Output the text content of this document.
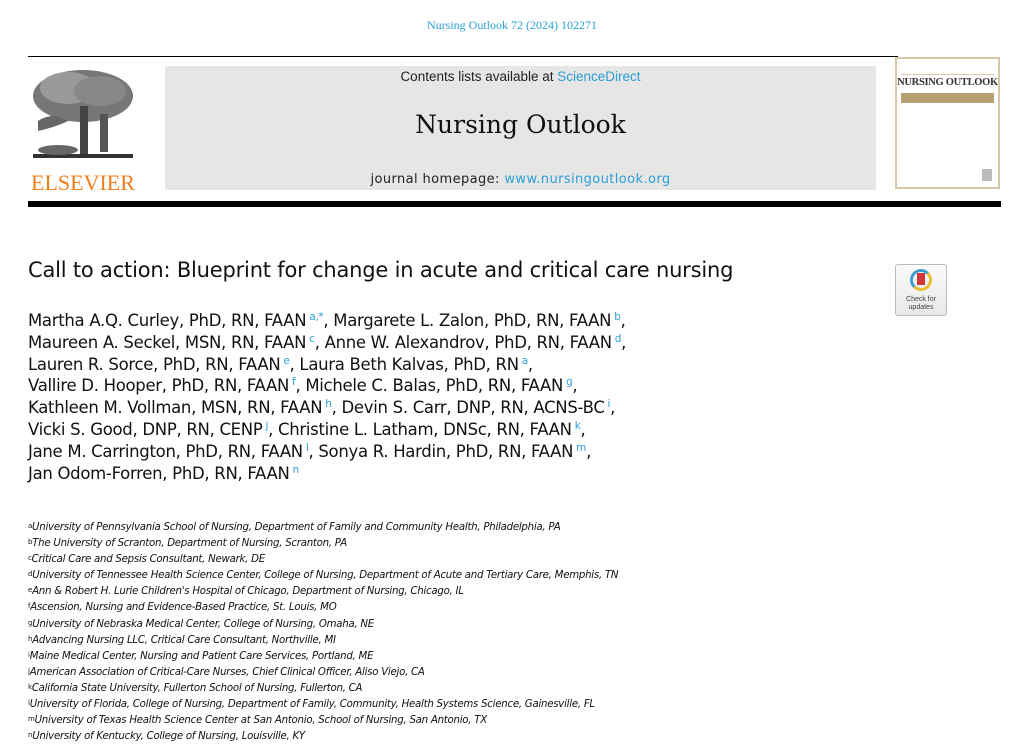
Nursing Outlook 72 (2024) 102271
ELSEVIER
Contents lists available at ScienceDirect
Nursing Outlook
journal homepage: www.nursingoutlook.org
NURSING OUTLOOK
Call to action: Blueprint for change in acute and critical care nursing
Check for
updates
Martha A.Q. Curley, PhD, RN, FAAN  $^{a,*}$, Margarete L. Zalon, PhD, RN, FAAN  $^b$,
Maureen A. Seckel, MSN, RN, FAAN  $^c$, Anne W. Alexandrov, PhD, RN, FAAN  $^d$,
Lauren R. Sorce, PhD, RN, FAAN  $^e$, Laura Beth Kalvas, PhD, RN  $^a$,
Vallire D. Hooper, PhD, RN, FAAN  $^f$, Michele C. Balas, PhD, RN, FAAN  $^g$,
Kathleen M. Vollman, MSN, RN, FAAN  $^h$, Devin S. Carr, DNP, RN, ACNS-BC  $^i$,
Vicki S. Good, DNP, RN, CENP  $^j$, Christine L. Latham, DNSc, RN, FAAN  $^k$,
Jane M. Carrington, PhD, RN, FAAN  $^l$, Sonya R. Hardin, PhD, RN, FAAN  $^m$,
Jan Odom-Forren, PhD, RN, FAAN  $^n$
$^a$University of Pennsylvania School of Nursing, Department of Family and Community Health, Philadelphia, PA
$^b$The University of Scranton, Department of Nursing, Scranton, PA
$^c$Critical Care and Sepsis Consultant, Newark, DE
$^d$University of Tennessee Health Science Center, College of Nursing, Department of Acute and Tertiary Care, Memphis, TN
$^e$Ann & Robert H. Lurie Children's Hospital of Chicago, Department of Nursing, Chicago, IL
$^f$Ascension, Nursing and Evidence-Based Practice, St. Louis, MO
$^g$University of Nebraska Medical Center, College of Nursing, Omaha, NE
$^h$Advancing Nursing LLC, Critical Care Consultant, Northville, MI
$^i$Maine Medical Center, Nursing and Patient Care Services, Portland, ME
$^j$American Association of Critical-Care Nurses, Chief Clinical Officer, Aliso Viejo, CA
$^k$California State University, Fullerton School of Nursing, Fullerton, CA
$^l$University of Florida, College of Nursing, Department of Family, Community, Health Systems Science, Gainesville, FL
$^m$University of Texas Health Science Center at San Antonio, School of Nursing, San Antonio, TX
$^n$University of Kentucky, College of Nursing, Louisville, KY
